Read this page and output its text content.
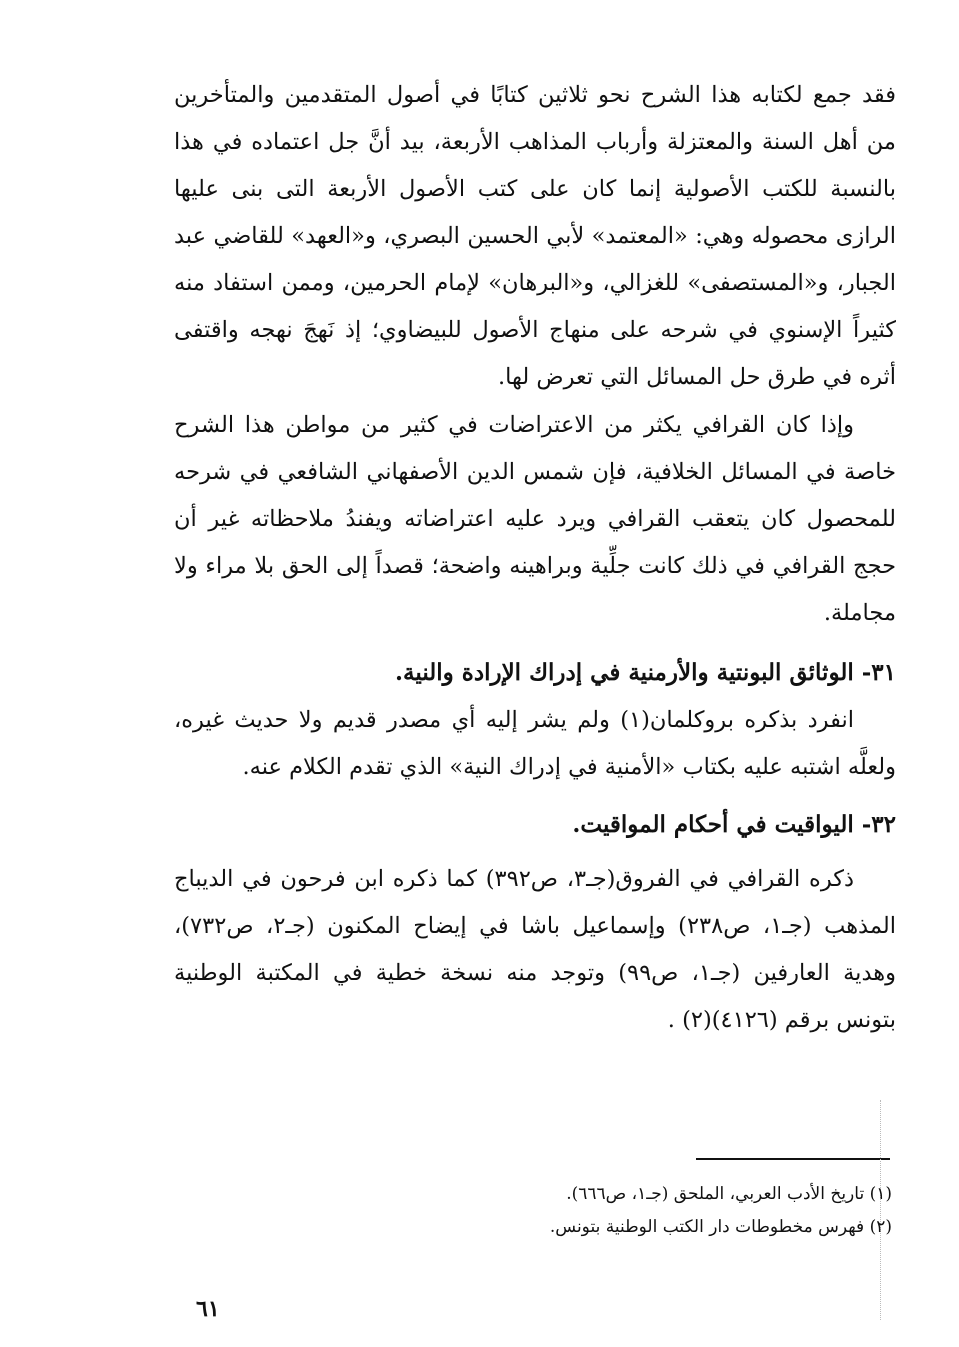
فقد جمع لكتابه هذا الشرح نحو ثلاثين كتابًا في أصول المتقدمين والمتأخرين من أهل السنة والمعتزلة وأرباب المذاهب الأربعة، بيد أنَّ جل اعتماده في هذا بالنسبة للكتب الأصولية إنما كان على كتب الأصول الأربعة التى بنى عليها الرازى محصوله وهي: «المعتمد» لأبي الحسين البصري، و«العهد» للقاضي عبد الجبار، و«المستصفى» للغزالي، و«البرهان» لإمام الحرمين، وممن استفاد منه كثيراً الإسنوي في شرحه على منهاج الأصول للبيضاوي؛ إذ نَهجَ نهجه واقتفى أثره في طرق حل المسائل التي تعرض لها.

وإذا كان القرافي يكثر من الاعتراضات في كثير من مواطن هذا الشرح خاصة في المسائل الخلافية، فإن شمس الدين الأصفهاني الشافعي في شرحه للمحصول كان يتعقب القرافي ويرد عليه اعتراضاته ويفندُ ملاحظاته غير أن حجج القرافي في ذلك كانت جلِّية وبراهينه واضحة؛ قصداً إلى الحق بلا مراء ولا مجاملة.

٣١- الوثائق البونتية والأرمنية في إدراك الإرادة والنية.

انفرد بذكره بروكلمان(١) ولم يشر إليه أي مصدر قديم ولا حديث غيره، ولعلَّه اشتبه عليه بكتاب «الأمنية في إدراك النية» الذي تقدم الكلام عنه.

٣٢- اليواقيت في أحكام المواقيت.

ذكره القرافي في الفروق(جـ٣، ص٣٩٢) كما ذكره ابن فرحون في الديباج المذهب (جـ١، ص٢٣٨) وإسماعيل باشا في إيضاح المكنون (جـ٢، ص٧٣٢)، وهدية العارفين (جـ١، ص٩٩) وتوجد منه نسخة خطية في المكتبة الوطنية بتونس برقم (٤١٢٦)(٢) .

(١) تاريخ الأدب العربي، الملحق (جـ١، ص٦٦٦).
(٢) فهرس مخطوطات دار الكتب الوطنية بتونس.
٦١
